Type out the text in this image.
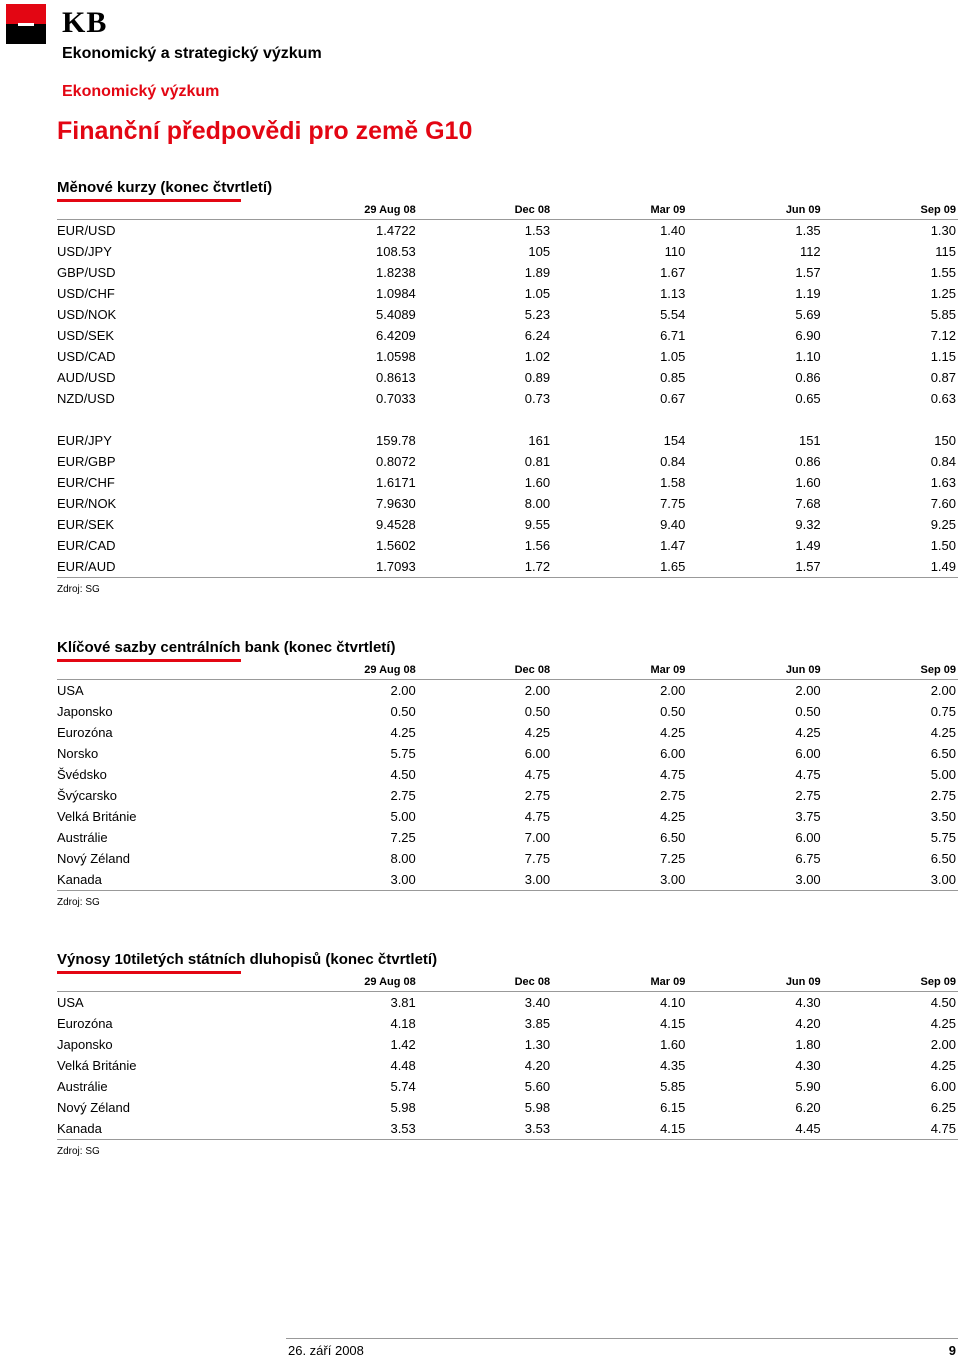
KB
Ekonomický a strategický výzkum
Ekonomický výzkum
Finanční předpovědi pro země G10
Měnové kurzy (konec čtvrtletí)
	29 Aug 08	Dec 08	Mar 09	Jun 09	Sep 09
EUR/USD	1.4722	1.53	1.40	1.35	1.30
USD/JPY	108.53	105	110	112	115
GBP/USD	1.8238	1.89	1.67	1.57	1.55
USD/CHF	1.0984	1.05	1.13	1.19	1.25
USD/NOK	5.4089	5.23	5.54	5.69	5.85
USD/SEK	6.4209	6.24	6.71	6.90	7.12
USD/CAD	1.0598	1.02	1.05	1.10	1.15
AUD/USD	0.8613	0.89	0.85	0.86	0.87
NZD/USD	0.7033	0.73	0.67	0.65	0.63

EUR/JPY	159.78	161	154	151	150
EUR/GBP	0.8072	0.81	0.84	0.86	0.84
EUR/CHF	1.6171	1.60	1.58	1.60	1.63
EUR/NOK	7.9630	8.00	7.75	7.68	7.60
EUR/SEK	9.4528	9.55	9.40	9.32	9.25
EUR/CAD	1.5602	1.56	1.47	1.49	1.50
EUR/AUD	1.7093	1.72	1.65	1.57	1.49
Zdroj: SG
Klíčové sazby centrálních bank (konec čtvrtletí)
	29 Aug 08	Dec 08	Mar 09	Jun 09	Sep 09
USA	2.00	2.00	2.00	2.00	2.00
Japonsko	0.50	0.50	0.50	0.50	0.75
Eurozóna	4.25	4.25	4.25	4.25	4.25
Norsko	5.75	6.00	6.00	6.00	6.50
Švédsko	4.50	4.75	4.75	4.75	5.00
Švýcarsko	2.75	2.75	2.75	2.75	2.75
Velká Británie	5.00	4.75	4.25	3.75	3.50
Austrálie	7.25	7.00	6.50	6.00	5.75
Nový Zéland	8.00	7.75	7.25	6.75	6.50
Kanada	3.00	3.00	3.00	3.00	3.00
Zdroj: SG
Výnosy 10tiletých státních dluhopisů (konec čtvrtletí)
	29 Aug 08	Dec 08	Mar 09	Jun 09	Sep 09
USA	3.81	3.40	4.10	4.30	4.50
Eurozóna	4.18	3.85	4.15	4.20	4.25
Japonsko	1.42	1.30	1.60	1.80	2.00
Velká Británie	4.48	4.20	4.35	4.30	4.25
Austrálie	5.74	5.60	5.85	5.90	6.00
Nový Zéland	5.98	5.98	6.15	6.20	6.25
Kanada	3.53	3.53	4.15	4.45	4.75
Zdroj: SG
26. září 2008	9
